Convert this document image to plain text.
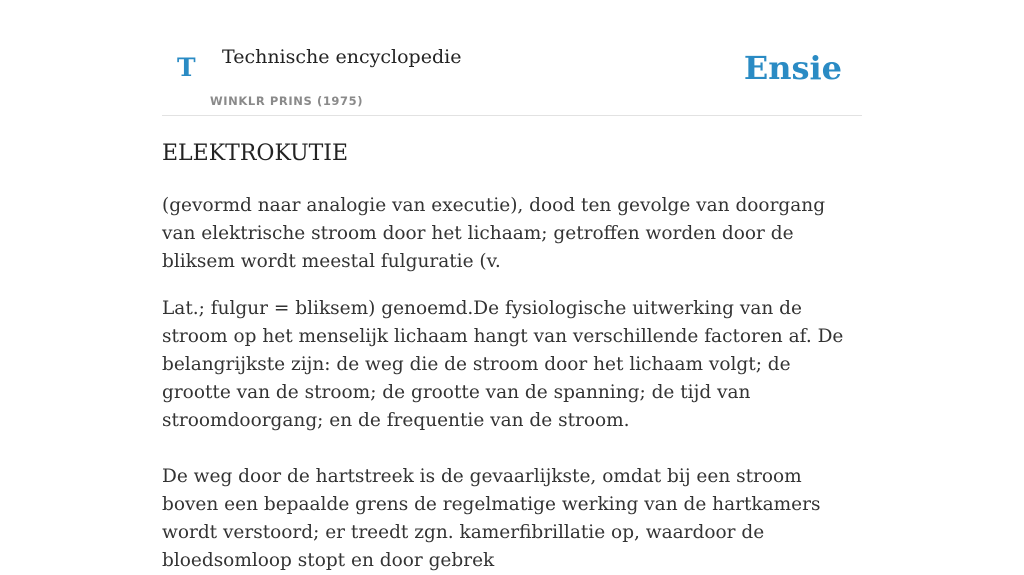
T Technische encyclopedie
WINKLR PRINS (1975)
Ensie
ELEKTROKUTIE

(gevormd naar analogie van executie), dood ten gevolge van doorgang van elektrische stroom door het lichaam; getroffen worden door de bliksem wordt meestal fulguratie (v.

Lat.; fulgur = bliksem) genoemd.De fysiologische uitwerking van de stroom op het menselijk lichaam hangt van verschillende factoren af. De belangrijkste zijn: de weg die de stroom door het lichaam volgt; de grootte van de stroom; de grootte van de spanning; de tijd van stroomdoorgang; en de frequentie van de stroom.

De weg door de hartstreek is de gevaarlijkste, omdat bij een stroom boven een bepaalde grens de regelmatige werking van de hartkamers wordt verstoord; er treedt zgn. kamerfibrillatie op, waardoor de bloedsomloop stopt en door gebrek
